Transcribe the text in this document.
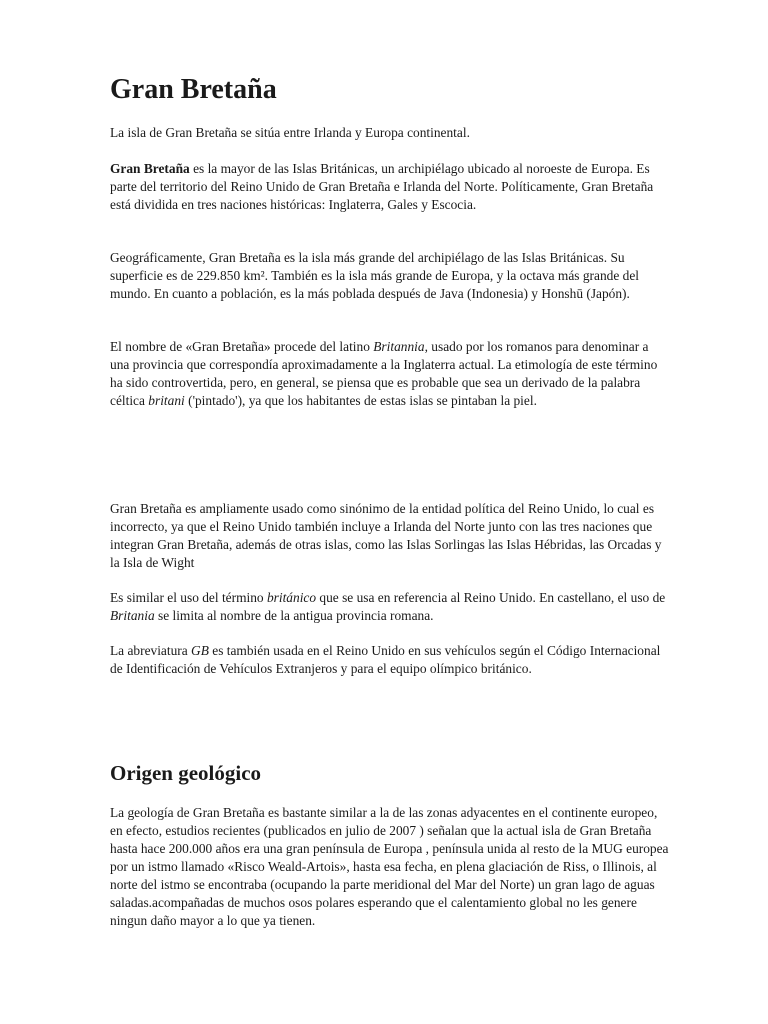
Gran Bretaña

La isla de Gran Bretaña se sitúa entre Irlanda y Europa continental.

Gran Bretaña es la mayor de las Islas Británicas, un archipiélago ubicado al noroeste de Europa. Es parte del territorio del Reino Unido de Gran Bretaña e Irlanda del Norte. Políticamente, Gran Bretaña está dividida en tres naciones históricas: Inglaterra, Gales y Escocia.

Geográficamente, Gran Bretaña es la isla más grande del archipiélago de las Islas Británicas. Su superficie es de 229.850 km². También es la isla más grande de Europa, y la octava más grande del mundo. En cuanto a población, es la más poblada después de Java (Indonesia) y Honshū (Japón).

El nombre de «Gran Bretaña» procede del latino Britannia, usado por los romanos para denominar a una provincia que correspondía aproximadamente a la Inglaterra actual. La etimología de este término ha sido controvertida, pero, en general, se piensa que es probable que sea un derivado de la palabra céltica britani ('pintado'), ya que los habitantes de estas islas se pintaban la piel.

Gran Bretaña es ampliamente usado como sinónimo de la entidad política del Reino Unido, lo cual es incorrecto, ya que el Reino Unido también incluye a Irlanda del Norte junto con las tres naciones que integran Gran Bretaña, además de otras islas, como las Islas Sorlingas las Islas Hébridas, las Orcadas y la Isla de Wight

Es similar el uso del término británico que se usa en referencia al Reino Unido. En castellano, el uso de Britania se limita al nombre de la antigua provincia romana.

La abreviatura GB es también usada en el Reino Unido en sus vehículos según el Código Internacional de Identificación de Vehículos Extranjeros y para el equipo olímpico británico.

Origen geológico

La geología de Gran Bretaña es bastante similar a la de las zonas adyacentes en el continente europeo, en efecto, estudios recientes (publicados en julio de 2007 ) señalan que la actual isla de Gran Bretaña hasta hace 200.000 años era una gran península de Europa , península unida al resto de la MUG europea por un istmo llamado «Risco Weald-Artois», hasta esa fecha, en plena glaciación de Riss, o Illinois, al norte del istmo se encontraba (ocupando la parte meridional del Mar del Norte) un gran lago de aguas saladas.acompañadas de muchos osos polares esperando que el calentamiento global no les genere ningun daño mayor a lo que ya tienen.
